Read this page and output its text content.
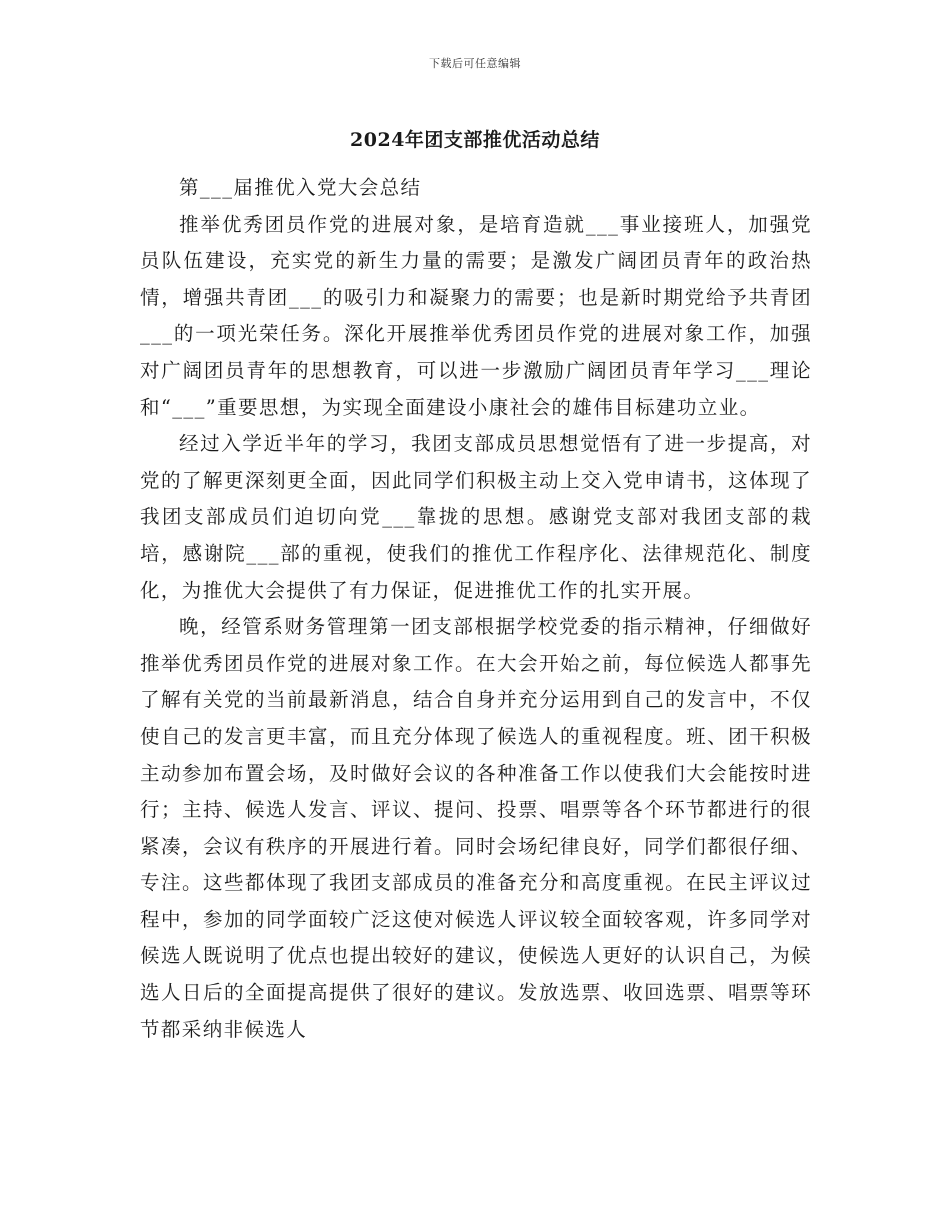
下载后可任意编辑
2024年团支部推优活动总结

第___届推优入党大会总结

推举优秀团员作党的进展对象，是培育造就___事业接班人，加强党员队伍建设，充实党的新生力量的需要；是激发广阔团员青年的政治热情，增强共青团___的吸引力和凝聚力的需要；也是新时期党给予共青团___的一项光荣任务。深化开展推举优秀团员作党的进展对象工作，加强对广阔团员青年的思想教育，可以进一步激励广阔团员青年学习___理论和“___”重要思想，为实现全面建设小康社会的雄伟目标建功立业。

经过入学近半年的学习，我团支部成员思想觉悟有了进一步提高，对党的了解更深刻更全面，因此同学们积极主动上交入党申请书，这体现了我团支部成员们迫切向党___靠拢的思想。感谢党支部对我团支部的栽培，感谢院___部的重视，使我们的推优工作程序化、法律规范化、制度化，为推优大会提供了有力保证，促进推优工作的扎实开展。

晚，经管系财务管理第一团支部根据学校党委的指示精神，仔细做好推举优秀团员作党的进展对象工作。在大会开始之前，每位候选人都事先了解有关党的当前最新消息，结合自身并充分运用到自己的发言中，不仅使自己的发言更丰富，而且充分体现了候选人的重视程度。班、团干积极主动参加布置会场，及时做好会议的各种准备工作以使我们大会能按时进行；主持、候选人发言、评议、提问、投票、唱票等各个环节都进行的很紧凑，会议有秩序的开展进行着。同时会场纪律良好，同学们都很仔细、专注。这些都体现了我团支部成员的准备充分和高度重视。在民主评议过程中，参加的同学面较广泛这使对候选人评议较全面较客观，许多同学对候选人既说明了优点也提出较好的建议，使候选人更好的认识自己，为候选人日后的全面提高提供了很好的建议。发放选票、收回选票、唱票等环节都采纳非候选人
